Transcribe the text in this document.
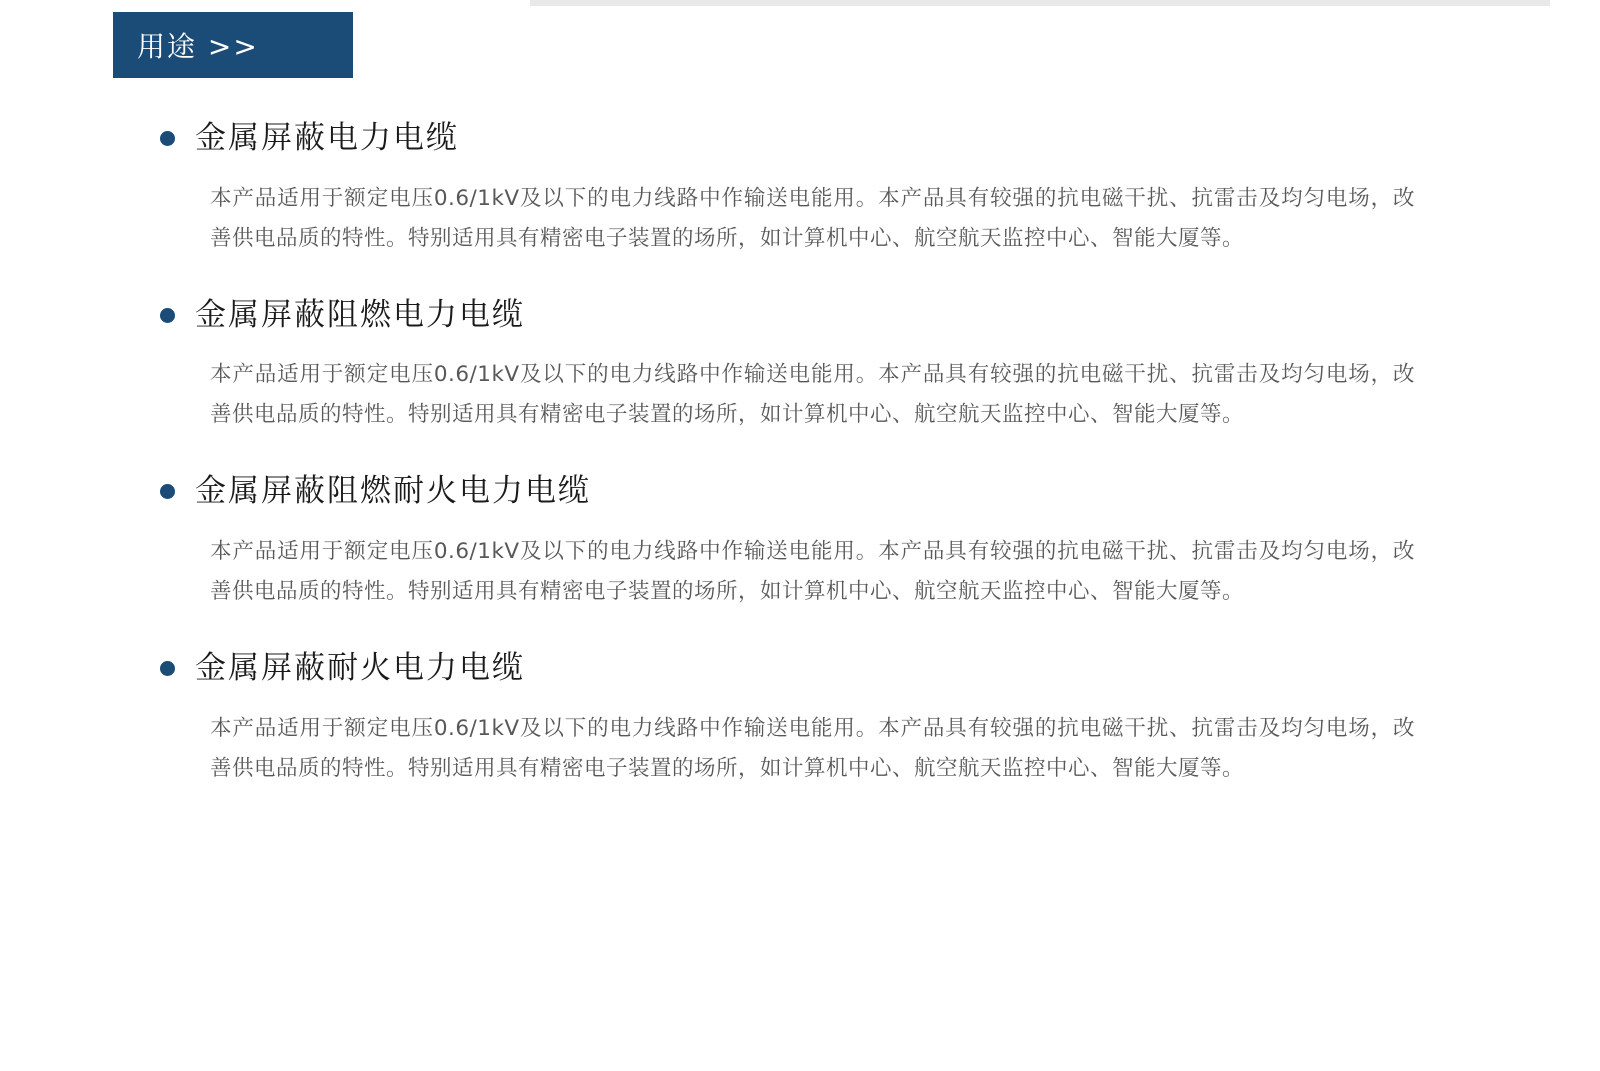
用途 >>
金属屏蔽电力电缆

本产品适用于额定电压0.6/1kV及以下的电力线路中作输送电能用。本产品具有较强的抗电磁干扰、抗雷击及均匀电场，改善供电品质的特性。特别适用具有精密电子装置的场所，如计算机中心、航空航天监控中心、智能大厦等。

金属屏蔽阻燃电力电缆

本产品适用于额定电压0.6/1kV及以下的电力线路中作输送电能用。本产品具有较强的抗电磁干扰、抗雷击及均匀电场，改善供电品质的特性。特别适用具有精密电子装置的场所，如计算机中心、航空航天监控中心、智能大厦等。

金属屏蔽阻燃耐火电力电缆

本产品适用于额定电压0.6/1kV及以下的电力线路中作输送电能用。本产品具有较强的抗电磁干扰、抗雷击及均匀电场，改善供电品质的特性。特别适用具有精密电子装置的场所，如计算机中心、航空航天监控中心、智能大厦等。

金属屏蔽耐火电力电缆

本产品适用于额定电压0.6/1kV及以下的电力线路中作输送电能用。本产品具有较强的抗电磁干扰、抗雷击及均匀电场，改善供电品质的特性。特别适用具有精密电子装置的场所，如计算机中心、航空航天监控中心、智能大厦等。
